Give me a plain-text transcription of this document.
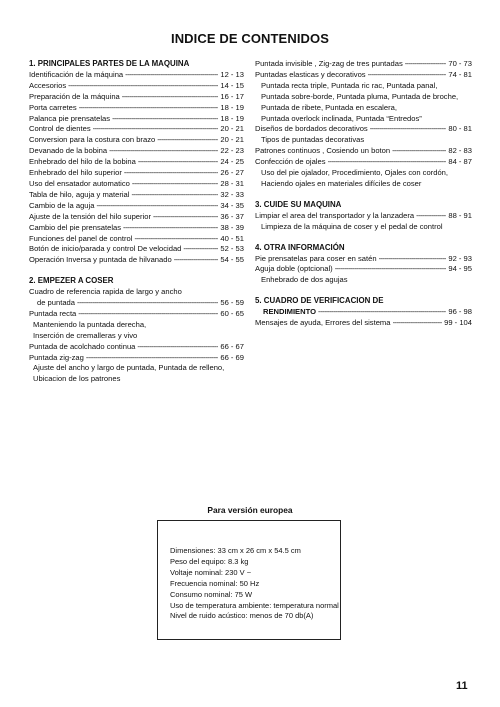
INDICE DE CONTENIDOS
1. PRINCIPALES PARTES DE LA MAQUINA
Identificación de la máquina -----	12 - 13
Accesorios -----	14 - 15
Preparación de la máquina -----	16 - 17
Porta carretes -----	18 - 19
Palanca pie prensatelas -----	18 - 19
Control de dientes -----	20 - 21
Conversion para la costura con brazo -----	20 - 21
Devanado de la bobina -----	22 - 23
Enhebrado del hilo de la bobina -----	24 - 25
Enhebrado del hilo superior -----	26 - 27
Uso del ensatador automatico -----	28 - 31
Tabla de hilo, aguja y material -----	32 - 33
Cambio de la aguja -----	34 - 35
Ajuste de la tensión del hilo superior -----	36 - 37
Cambio del pie prensatelas -----	38 - 39
Funciones del panel de control -----	40 - 51
Botón de inicio/parada y control De velocidad -----	52 - 53
Operación Inversa y puntada de hilvanado -----	54 - 55
2. EMPEZER A COSER
Cuadro de referencia rapida de largo y ancho
de puntada -----	56 - 59
Puntada recta -----	60 - 65
Manteniendo la puntada derecha,
Inserción de cremalleras y vivo
Puntada de acolchado continua -----	66 - 67
Puntada zig-zag -----	66 - 69
Ajuste del ancho y largo de puntada, Puntada de relleno,
Ubicacion de los patrones
Puntada invisible , Zig-zag de tres puntadas -----	70 - 73
Puntadas elasticas y decorativos -----	74 - 81
Puntada recta triple, Puntada ric rac, Puntada panal,
Puntada sobre-borde, Puntada pluma, Puntada de broche,
Puntada de ribete, Puntada en escalera,
Puntada overlock inclinada, Puntada “Entredos”
Diseños de bordados decorativos -----	80 - 81
Tipos de puntadas decorativas
Patrones continuos , Cosiendo un boton -----	82 - 83
Confección de ojales -----	84 - 87
Uso del pie ojalador, Procedimiento, Ojales con cordón,
Haciendo ojales en materiales difíciles de coser
3. CUIDE SU MAQUINA
Limpiar el area del transportador y la lanzadera -----	88 - 91
Limpieza de la máquina de coser y el pedal de control
4. OTRA INFORMACIÓN
Pie prensatelas para coser en satén -----	92 - 93
Aguja doble (optcional) -----	94 - 95
Enhebrado de dos agujas
5. CUADRO DE VERIFICACION DE
RENDIMIENTO -----	96 - 98
Mensajes de ayuda, Errores del sistema -----	99 - 104
Para versión europea
Dimensiones: 33 cm x 26 cm x 54.5 cm
Peso del equipo: 8.3 kg
Voltaje nominal: 230 V ~
Frecuencia nominal: 50 Hz
Consumo nominal: 75 W
Uso de temperatura ambiente: temperatura normal
Nivel de ruido acústico: menos de 70 db(A)
11
